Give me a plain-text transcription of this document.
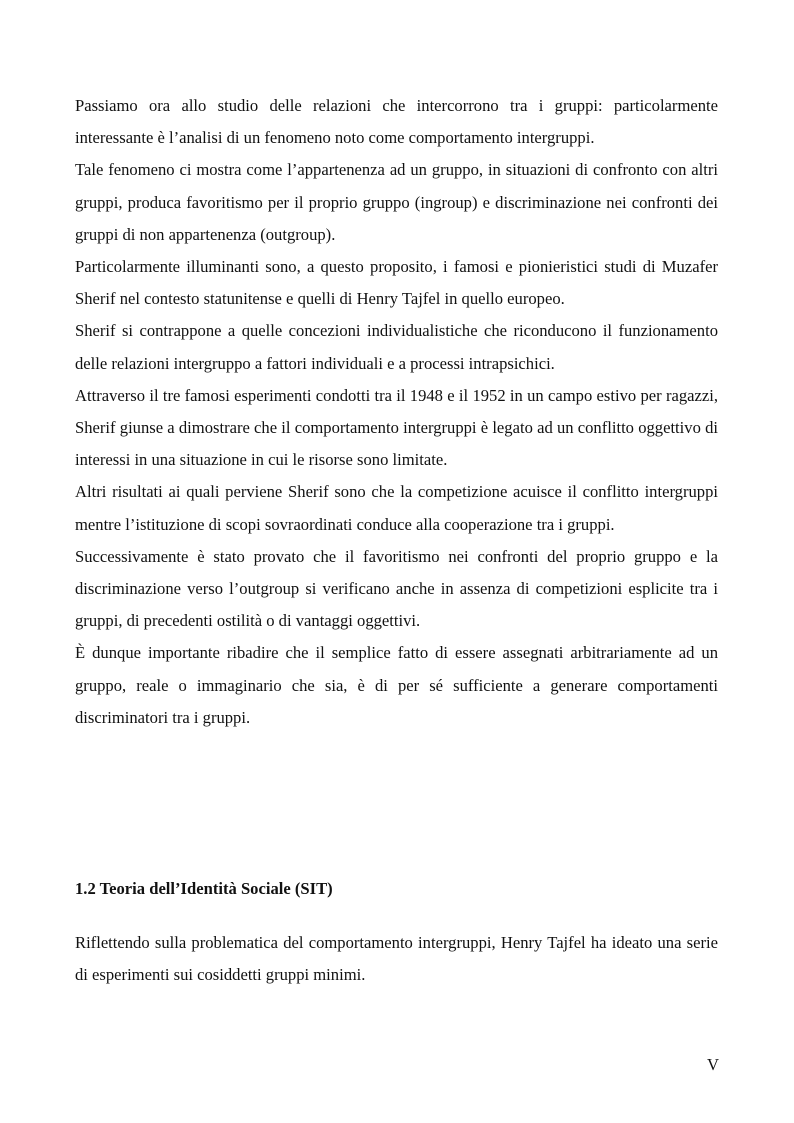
Passiamo ora allo studio delle relazioni che intercorrono tra i gruppi: particolarmente interessante è l’analisi di un fenomeno noto come comportamento intergruppi.

Tale fenomeno ci mostra come l’appartenenza ad un gruppo, in situazioni di confronto con altri gruppi, produca favoritismo per il proprio gruppo (ingroup) e discriminazione nei confronti dei gruppi di non appartenenza (outgroup).

Particolarmente illuminanti sono, a questo proposito, i famosi e pionieristici studi di Muzafer Sherif nel contesto statunitense e quelli di Henry Tajfel in quello europeo.

Sherif si contrappone a quelle concezioni individualistiche che riconducono il funzionamento delle relazioni intergruppo a fattori individuali e a processi intrapsichici.

Attraverso il tre famosi esperimenti condotti tra il 1948 e il 1952 in un campo estivo per ragazzi, Sherif giunse a dimostrare che il comportamento intergruppi è legato ad un conflitto oggettivo di interessi in una situazione in cui le risorse sono limitate.

Altri risultati ai quali perviene Sherif sono che la competizione acuisce il conflitto intergruppi mentre l’istituzione di scopi sovraordinati conduce alla cooperazione tra i gruppi.

Successivamente è stato provato che il favoritismo nei confronti del proprio gruppo e la discriminazione verso l’outgroup si verificano anche in assenza di competizioni esplicite tra i gruppi, di precedenti ostilità o di vantaggi oggettivi.

È dunque importante ribadire che il semplice fatto di essere assegnati arbitrariamente ad un gruppo, reale o immaginario che sia, è di per sé sufficiente a generare comportamenti discriminatori tra i gruppi.

1.2 Teoria dell’Identità Sociale (SIT)

Riflettendo sulla problematica del comportamento intergruppi, Henry Tajfel ha ideato una serie di esperimenti sui cosiddetti gruppi minimi.

V
